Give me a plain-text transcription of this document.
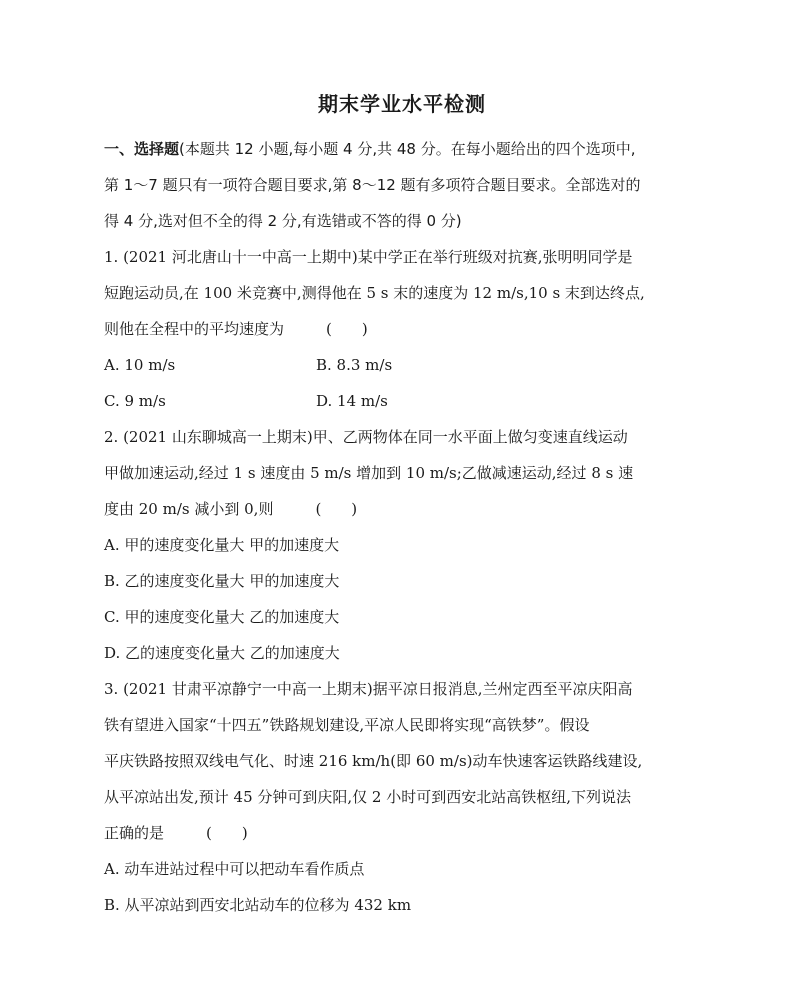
期末学业水平检测
一、选择题(本题共 12 小题,每小题 4 分,共 48 分。在每小题给出的四个选项中,
第 1～7 题只有一项符合题目要求,第 8～12 题有多项符合题目要求。全部选对的
得 4 分,选对但不全的得 2 分,有选错或不答的得 0 分)
1. (2021 河北唐山十一中高一上期中)某中学正在举行班级对抗赛,张明明同学是
短跑运动员,在 100 米竞赛中,测得他在 5 s 末的速度为 12 m/s,10 s 末到达终点,
则他在全程中的平均速度为	(　　)
A. 10 m/s	B. 8.3 m/s
C. 9 m/s	D. 14 m/s
2. (2021 山东聊城高一上期末)甲、乙两物体在同一水平面上做匀变速直线运动
甲做加速运动,经过 1 s 速度由 5 m/s 增加到 10 m/s;乙做减速运动,经过 8 s 速
度由 20 m/s 减小到 0,则	(　　)
A. 甲的速度变化量大 甲的加速度大
B. 乙的速度变化量大 甲的加速度大
C. 甲的速度变化量大 乙的加速度大
D. 乙的速度变化量大 乙的加速度大
3. (2021 甘肃平凉静宁一中高一上期末)据平凉日报消息,兰州定西至平凉庆阳高
铁有望进入国家“十四五”铁路规划建设,平凉人民即将实现“高铁梦”。假设
平庆铁路按照双线电气化、时速 216 km/h(即 60 m/s)动车快速客运铁路线建设,
从平凉站出发,预计 45 分钟可到庆阳,仅 2 小时可到西安北站高铁枢纽,下列说法
正确的是	(　　)
A. 动车进站过程中可以把动车看作质点
B. 从平凉站到西安北站动车的位移为 432 km
